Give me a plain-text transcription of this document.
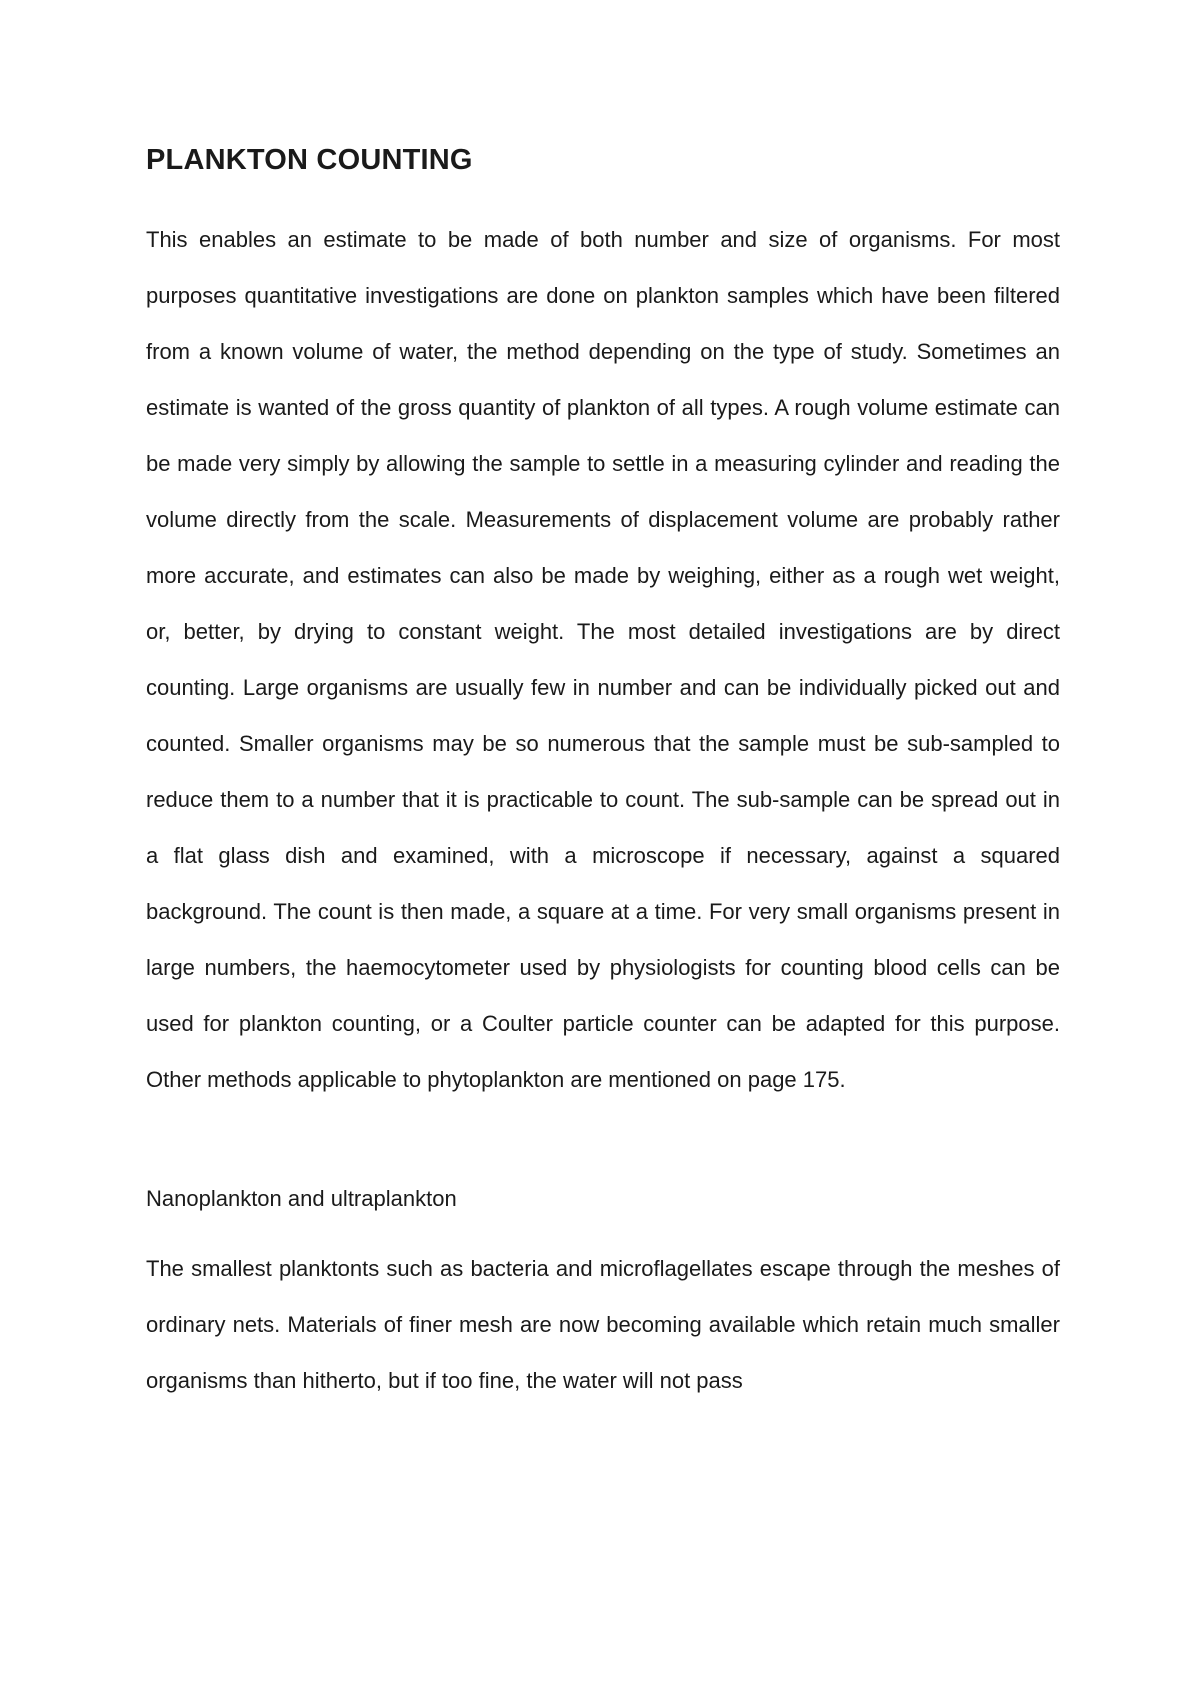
PLANKTON COUNTING

This enables an estimate to be made of both number and size of organisms. For most purposes quantitative investigations are done on plankton samples which have been filtered from a known volume of water, the method depending on the type of study. Sometimes an estimate is wanted of the gross quantity of plankton of all types. A rough volume estimate can be made very simply by allowing the sample to settle in a measuring cylinder and reading the volume directly from the scale. Measurements of displacement volume are probably rather more accurate, and estimates can also be made by weighing, either as a rough wet weight, or, better, by drying to constant weight. The most detailed investigations are by direct counting. Large organisms are usually few in number and can be individually picked out and counted. Smaller organisms may be so numerous that the sample must be sub-sampled to reduce them to a number that it is practicable to count. The sub-sample can be spread out in a flat glass dish and examined, with a microscope if necessary, against a squared background. The count is then made, a square at a time. For very small organisms present in large numbers, the haemocytometer used by physiologists for counting blood cells can be used for plankton counting, or a Coulter particle counter can be adapted for this purpose. Other methods applicable to phytoplankton are mentioned on page 175.

Nanoplankton and ultraplankton

The smallest planktonts such as bacteria and microflagellates escape through the meshes of ordinary nets. Materials of finer mesh are now becoming available which retain much smaller organisms than hitherto, but if too fine, the water will not pass
